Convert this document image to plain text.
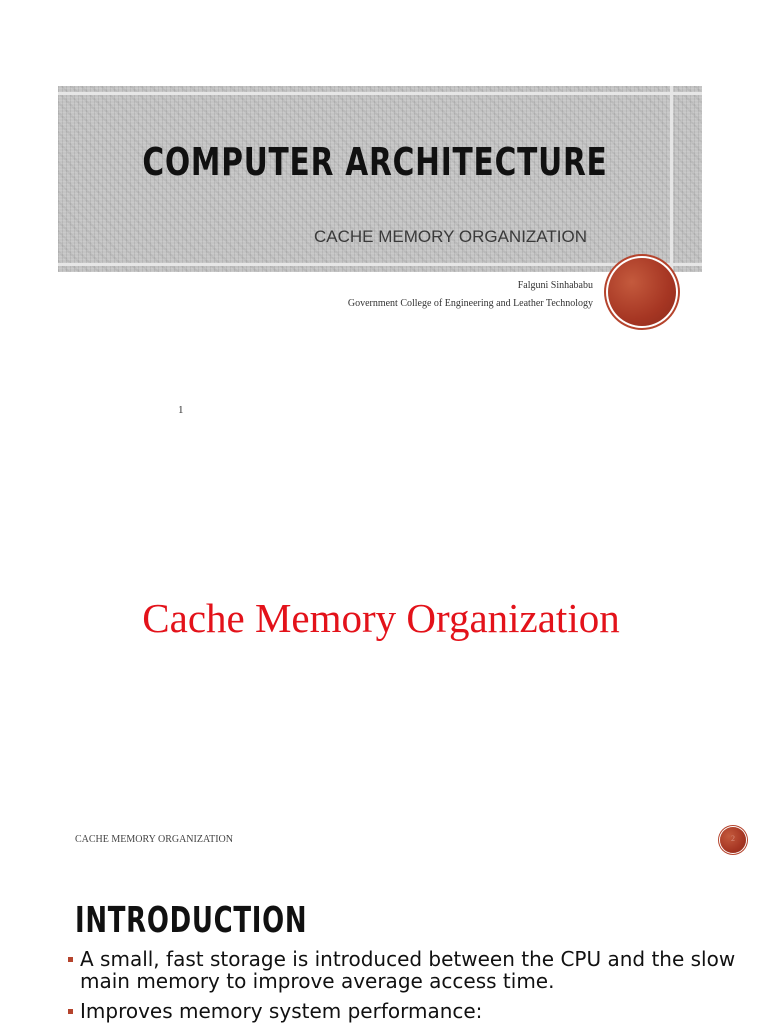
COMPUTER ARCHITECTURE
CACHE MEMORY ORGANIZATION
Falguni Sinhababu
Government College of Engineering and Leather Technology
1
Cache Memory Organization
CACHE MEMORY ORGANIZATION	2
INTRODUCTION
A small, fast storage is introduced between the CPU and the slow main memory to improve average access time.
Improves memory system performance:
